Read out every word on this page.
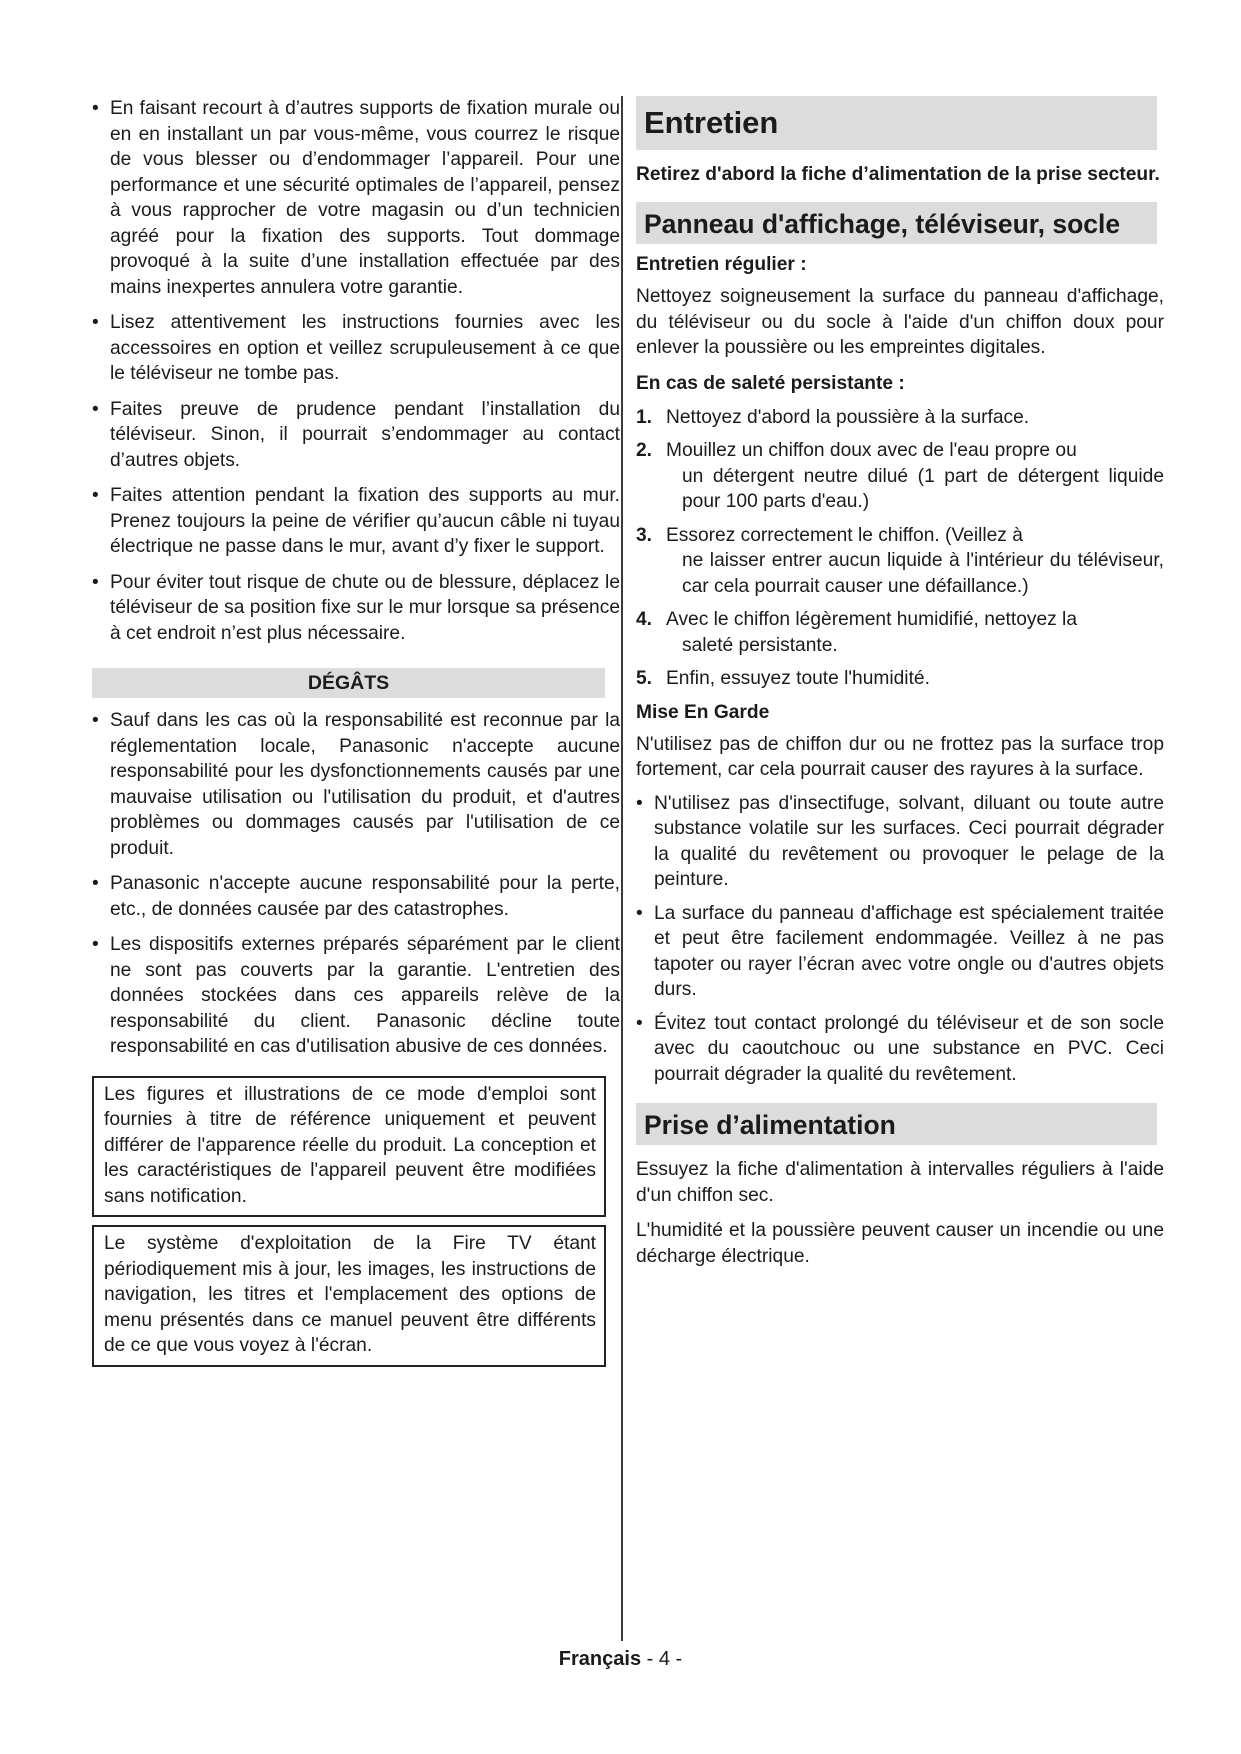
• En faisant recourt à d’autres supports de fixation murale ou en en installant un par vous-même, vous courrez le risque de vous blesser ou d’endommager l’appareil. Pour une performance et une sécurité optimales de l’appareil, pensez à vous rapprocher de votre magasin ou d’un technicien agréé pour la fixation des supports. Tout dommage provoqué à la suite d’une installation effectuée par des mains inexpertes annulera votre garantie.
• Lisez attentivement les instructions fournies avec les accessoires en option et veillez scrupuleusement à ce que le téléviseur ne tombe pas.
• Faites preuve de prudence pendant l’installation du téléviseur. Sinon, il pourrait s’endommager au contact d’autres objets.
• Faites attention pendant la fixation des supports au mur. Prenez toujours la peine de vérifier qu’aucun câble ni tuyau électrique ne passe dans le mur, avant d’y fixer le support.
• Pour éviter tout risque de chute ou de blessure, déplacez le téléviseur de sa position fixe sur le mur lorsque sa présence à cet endroit n’est plus nécessaire.
DÉGÂTS
• Sauf dans les cas où la responsabilité est reconnue par la réglementation locale, Panasonic n'accepte aucune responsabilité pour les dysfonctionnements causés par une mauvaise utilisation ou l'utilisation du produit, et d'autres problèmes ou dommages causés par l'utilisation de ce produit.
• Panasonic n'accepte aucune responsabilité pour la perte, etc., de données causée par des catastrophes.
• Les dispositifs externes préparés séparément par le client ne sont pas couverts par la garantie. L'entretien des données stockées dans ces appareils relève de la responsabilité du client. Panasonic décline toute responsabilité en cas d'utilisation abusive de ces données.
Les figures et illustrations de ce mode d'emploi sont fournies à titre de référence uniquement et peuvent différer de l'apparence réelle du produit. La conception et les caractéristiques de l'appareil peuvent être modifiées sans notification.
Le système d'exploitation de la Fire TV étant périodiquement mis à jour, les images, les instructions de navigation, les titres et l'emplacement des options de menu présentés dans ce manuel peuvent être différents de ce que vous voyez à l'écran.
Entretien

Retirez d'abord la fiche d’alimentation de la prise secteur.

Panneau d'affichage, téléviseur, socle

Entretien régulier :

Nettoyez soigneusement la surface du panneau d'affichage, du téléviseur ou du socle à l'aide d'un chiffon doux pour enlever la poussière ou les empreintes digitales.

En cas de saleté persistante :

1. Nettoyez d'abord la poussière à la surface.
2. Mouillez un chiffon doux avec de l'eau propre ou
un détergent neutre dilué (1 part de détergent liquide pour 100 parts d'eau.)
3. Essorez correctement le chiffon. (Veillez à
ne laisser entrer aucun liquide à l'intérieur du téléviseur, car cela pourrait causer une défaillance.)
4. Avec le chiffon légèrement humidifié, nettoyez la
saleté persistante.
5. Enfin, essuyez toute l'humidité.

Mise En Garde

N'utilisez pas de chiffon dur ou ne frottez pas la surface trop fortement, car cela pourrait causer des rayures à la surface.

• N'utilisez pas d'insectifuge, solvant, diluant ou toute autre substance volatile sur les surfaces. Ceci pourrait dégrader la qualité du revêtement ou provoquer le pelage de la peinture.
• La surface du panneau d'affichage est spécialement traitée et peut être facilement endommagée. Veillez à ne pas tapoter ou rayer l’écran avec votre ongle ou d'autres objets durs.
• Évitez tout contact prolongé du téléviseur et de son socle avec du caoutchouc ou une substance en PVC. Ceci pourrait dégrader la qualité du revêtement.
Prise d’alimentation

Essuyez la fiche d'alimentation à intervalles réguliers à l'aide d'un chiffon sec.

L'humidité et la poussière peuvent causer un incendie ou une décharge électrique.

Français - 4 -
